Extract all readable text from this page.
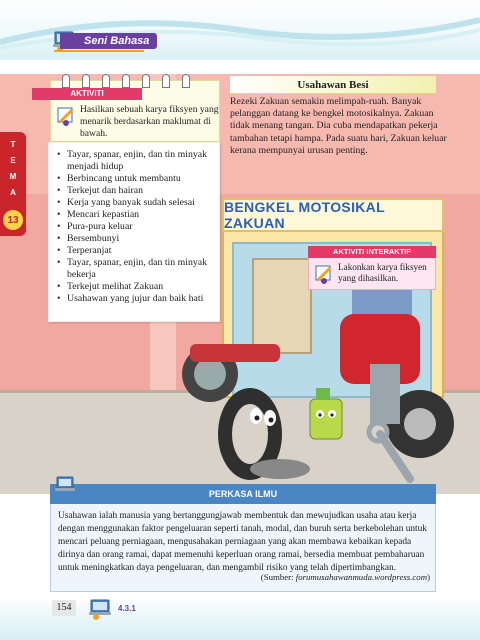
Seni Bahasa
BENGKEL MOTOSIKAL ZAKUAN
T
E
M
A
13
AKTIVITI
Hasilkan sebuah karya fiksyen yang menarik berdasarkan maklumat di bawah.
• Tayar, spanar, enjin, dan tin minyak menjadi hidup
• Berbincang untuk membantu
• Terkejut dan hairan
• Kerja yang banyak sudah selesai
• Mencari kepastian
• Pura-pura keluar
• Bersembunyi
• Terperanjat
• Tayar, spanar, enjin, dan tin minyak bekerja
• Terkejut melihat Zakuan
• Usahawan yang jujur dan baik hati
Usahawan Besi
Rezeki Zakuan semakin melimpah-ruah. Banyak pelanggan datang ke bengkel motosikalnya. Zakuan tidak menang tangan. Dia cuba mendapatkan pekerja tambahan tetapi hampa. Pada suatu hari, Zakuan keluar kerana mempunyai urusan penting.
AKTIVITI INTERAKTIF
Lakonkan karya fiksyen yang dihasilkan.
PERKASA ILMU
Usahawan ialah manusia yang bertanggungjawab membentuk dan mewujudkan usaha atau kerja dengan menggunakan faktor pengeluaran seperti tanah, modal, dan buruh serta berkebolehan untuk mencari peluang perniagaan, mengusahakan perniagaan yang akan membawa kebaikan kepada dirinya dan orang ramai, dapat memenuhi keperluan orang ramai, bersedia membuat pembaharuan untuk meningkatkan daya pengeluaran, dan mengambil risiko yang telah dipertimbangkan.
(Sumber: forumusahawanmuda.wordpress.com)
154	4.3.1
